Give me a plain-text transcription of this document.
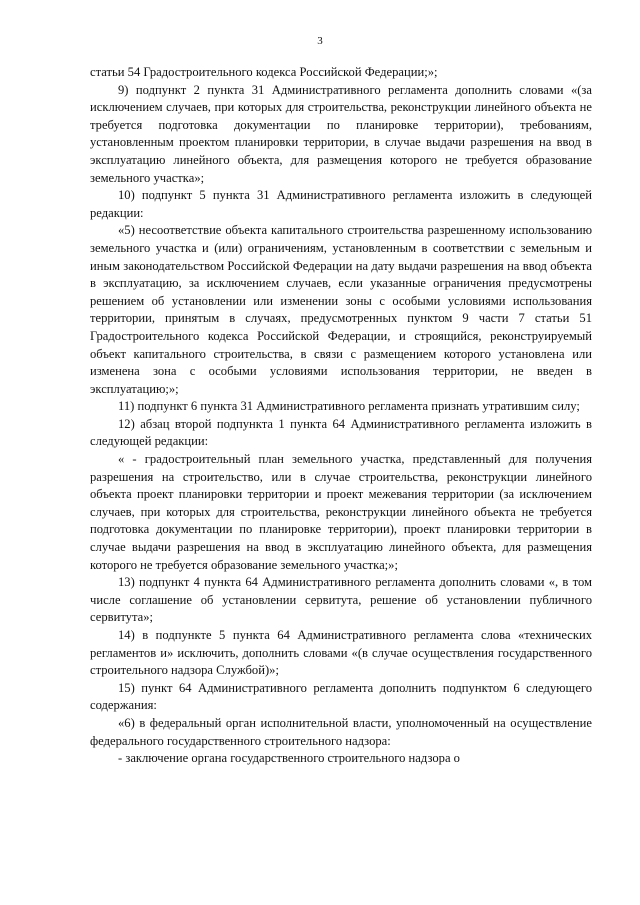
3

статьи 54 Градостроительного кодекса Российской Федерации;»;

9) подпункт 2 пункта 31 Административного регламента дополнить словами «(за исключением случаев, при которых для строительства, реконструкции линейного объекта не требуется подготовка документации по планировке территории), требованиям, установленным проектом планировки территории, в случае выдачи разрешения на ввод в эксплуатацию линейного объекта, для размещения которого не требуется образование земельного участка»;

10) подпункт 5 пункта 31 Административного регламента изложить в следующей редакции:

«5) несоответствие объекта капитального строительства разрешенному использованию земельного участка и (или) ограничениям, установленным в соответствии с земельным и иным законодательством Российской Федерации на дату выдачи разрешения на ввод объекта в эксплуатацию, за исключением случаев, если указанные ограничения предусмотрены решением об установлении или изменении зоны с особыми условиями использования территории, принятым в случаях, предусмотренных пунктом 9 части 7 статьи 51 Градостроительного кодекса Российской Федерации, и строящийся, реконструируемый объект капитального строительства, в связи с размещением которого установлена или изменена зона с особыми условиями использования территории, не введен в эксплуатацию;»;

11) подпункт 6 пункта 31 Административного регламента признать утратившим силу;

12) абзац второй подпункта 1 пункта 64 Административного регламента изложить в следующей редакции:

« - градостроительный план земельного участка, представленный для получения разрешения на строительство, или в случае строительства, реконструкции линейного объекта проект планировки территории и проект межевания территории (за исключением случаев, при которых для строительства, реконструкции линейного объекта не требуется подготовка документации по планировке территории), проект планировки территории в случае выдачи разрешения на ввод в эксплуатацию линейного объекта, для размещения которого не требуется образование земельного участка;»;

13) подпункт 4 пункта 64 Административного регламента дополнить словами «, в том числе соглашение об установлении сервитута, решение об установлении публичного сервитута»;

14) в подпункте 5 пункта 64 Административного регламента слова «технических регламентов и» исключить, дополнить словами «(в случае осуществления государственного строительного надзора Службой)»;

15) пункт 64 Административного регламента дополнить подпунктом 6 следующего содержания:

«6) в федеральный орган исполнительной власти, уполномоченный на осуществление федерального государственного строительного надзора:

- заключение органа государственного строительного надзора о
